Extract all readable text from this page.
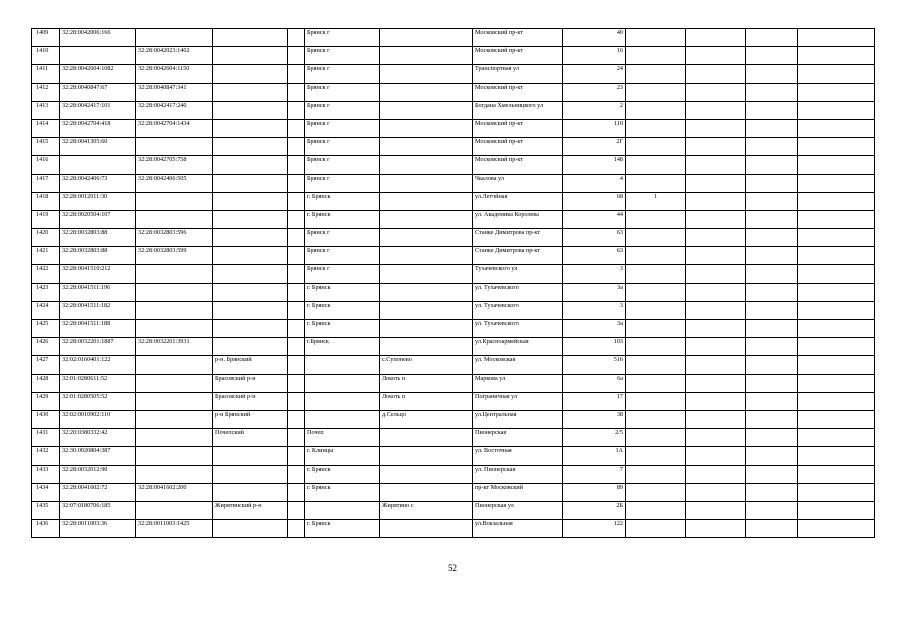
1409	32:28:0042006:166				Брянск г		Московский пр-кт	40				
1410		32:28:0042023:1402			Брянск г		Московский пр-кт	16				
1411	32:28:0042604:1082	32:28:0042604:1150			Брянск г		Транспортная ул	24				
1412	32:28:0040847:67	32:28:0040847:341			Брянск г		Московский пр-кт	23				
1413	32:28:0042417:101	32:28:0042417:240			Брянск г		Богдана Хмельницкого ул	2				
1414	32:28:0042704:418	32:28:0042704:1434			Брянск г		Московский пр-кт	110				
1415	32:28:0041305:60				Брянск г		Московский пр-кт	2Г				
1416		32:28:0042705:758			Брянск г		Московский пр-кт	148				
1417	32:28:0042406:73	32:28:0042406:505			Брянск г		Чкалова ул	4				
1418	32:28:0012011:30				г. Брянск		ул.Летчйная	68	1			
1419	32:28:0020504:107				г. Брянск		ул. Академика Королева	44				
1420	32:28:0032803:88	32:28:0032803:596			Брянск г		Станке Димитрова пр-кт	63				
1421	32:28:0032803:88	32:28:0032803:599			Брянск г		Станке Димитрова пр-кт	63				
1422	32:28:0041510:212				Брянск г		Тухачевского ул	3				
1423	32:28:0041511:196				г. Брянск		ул. Тухачевского	3а				
1424	32:28:0041511:182				г. Брянск		ул. Тухачевского	3				
1425	32:28:0041511:188				г. Брянск		ул. Тухачевского	3а				
1426	32:28:0032201:1887	32:28:0032201:3931			г.Брянск		ул.Красноармейская	103				
1427	32:02:0160401:122		р-н. Брянский			с.Супонево	ул. Московская	516				
1428	32:01:0280611:52		Брасовский р-н			Локоть п	Маркова ул	6а				
1429	32:01:0280505:52		Брасовский р-н			Локоть п	Пограничная ул	17				
1430	32:02:0010902:110		р-н Брянский			д.Сельцо	ул.Центральная	38				
1431	32:20:0380332:42		Почепский		Почеп		Пионерская	2/5				
1432	32:30:0020804:387				г. Клинцы		ул. Восточная	1А				
1433	32:28:0032012:90				г. Брянск		ул. Пионерская	7				
1434	32:28:0041602:72	32:28:0041602:200			г. Брянск		пр-кт Московский	89				
1435	32:07:0180706:185		Жирятинский р-н			Жирятино с	Пионерская ул	2Б				
1436	32:28:0011003:36	32:28:0011003:1425			г. Брянск		ул.Вокзальная	122				
52
